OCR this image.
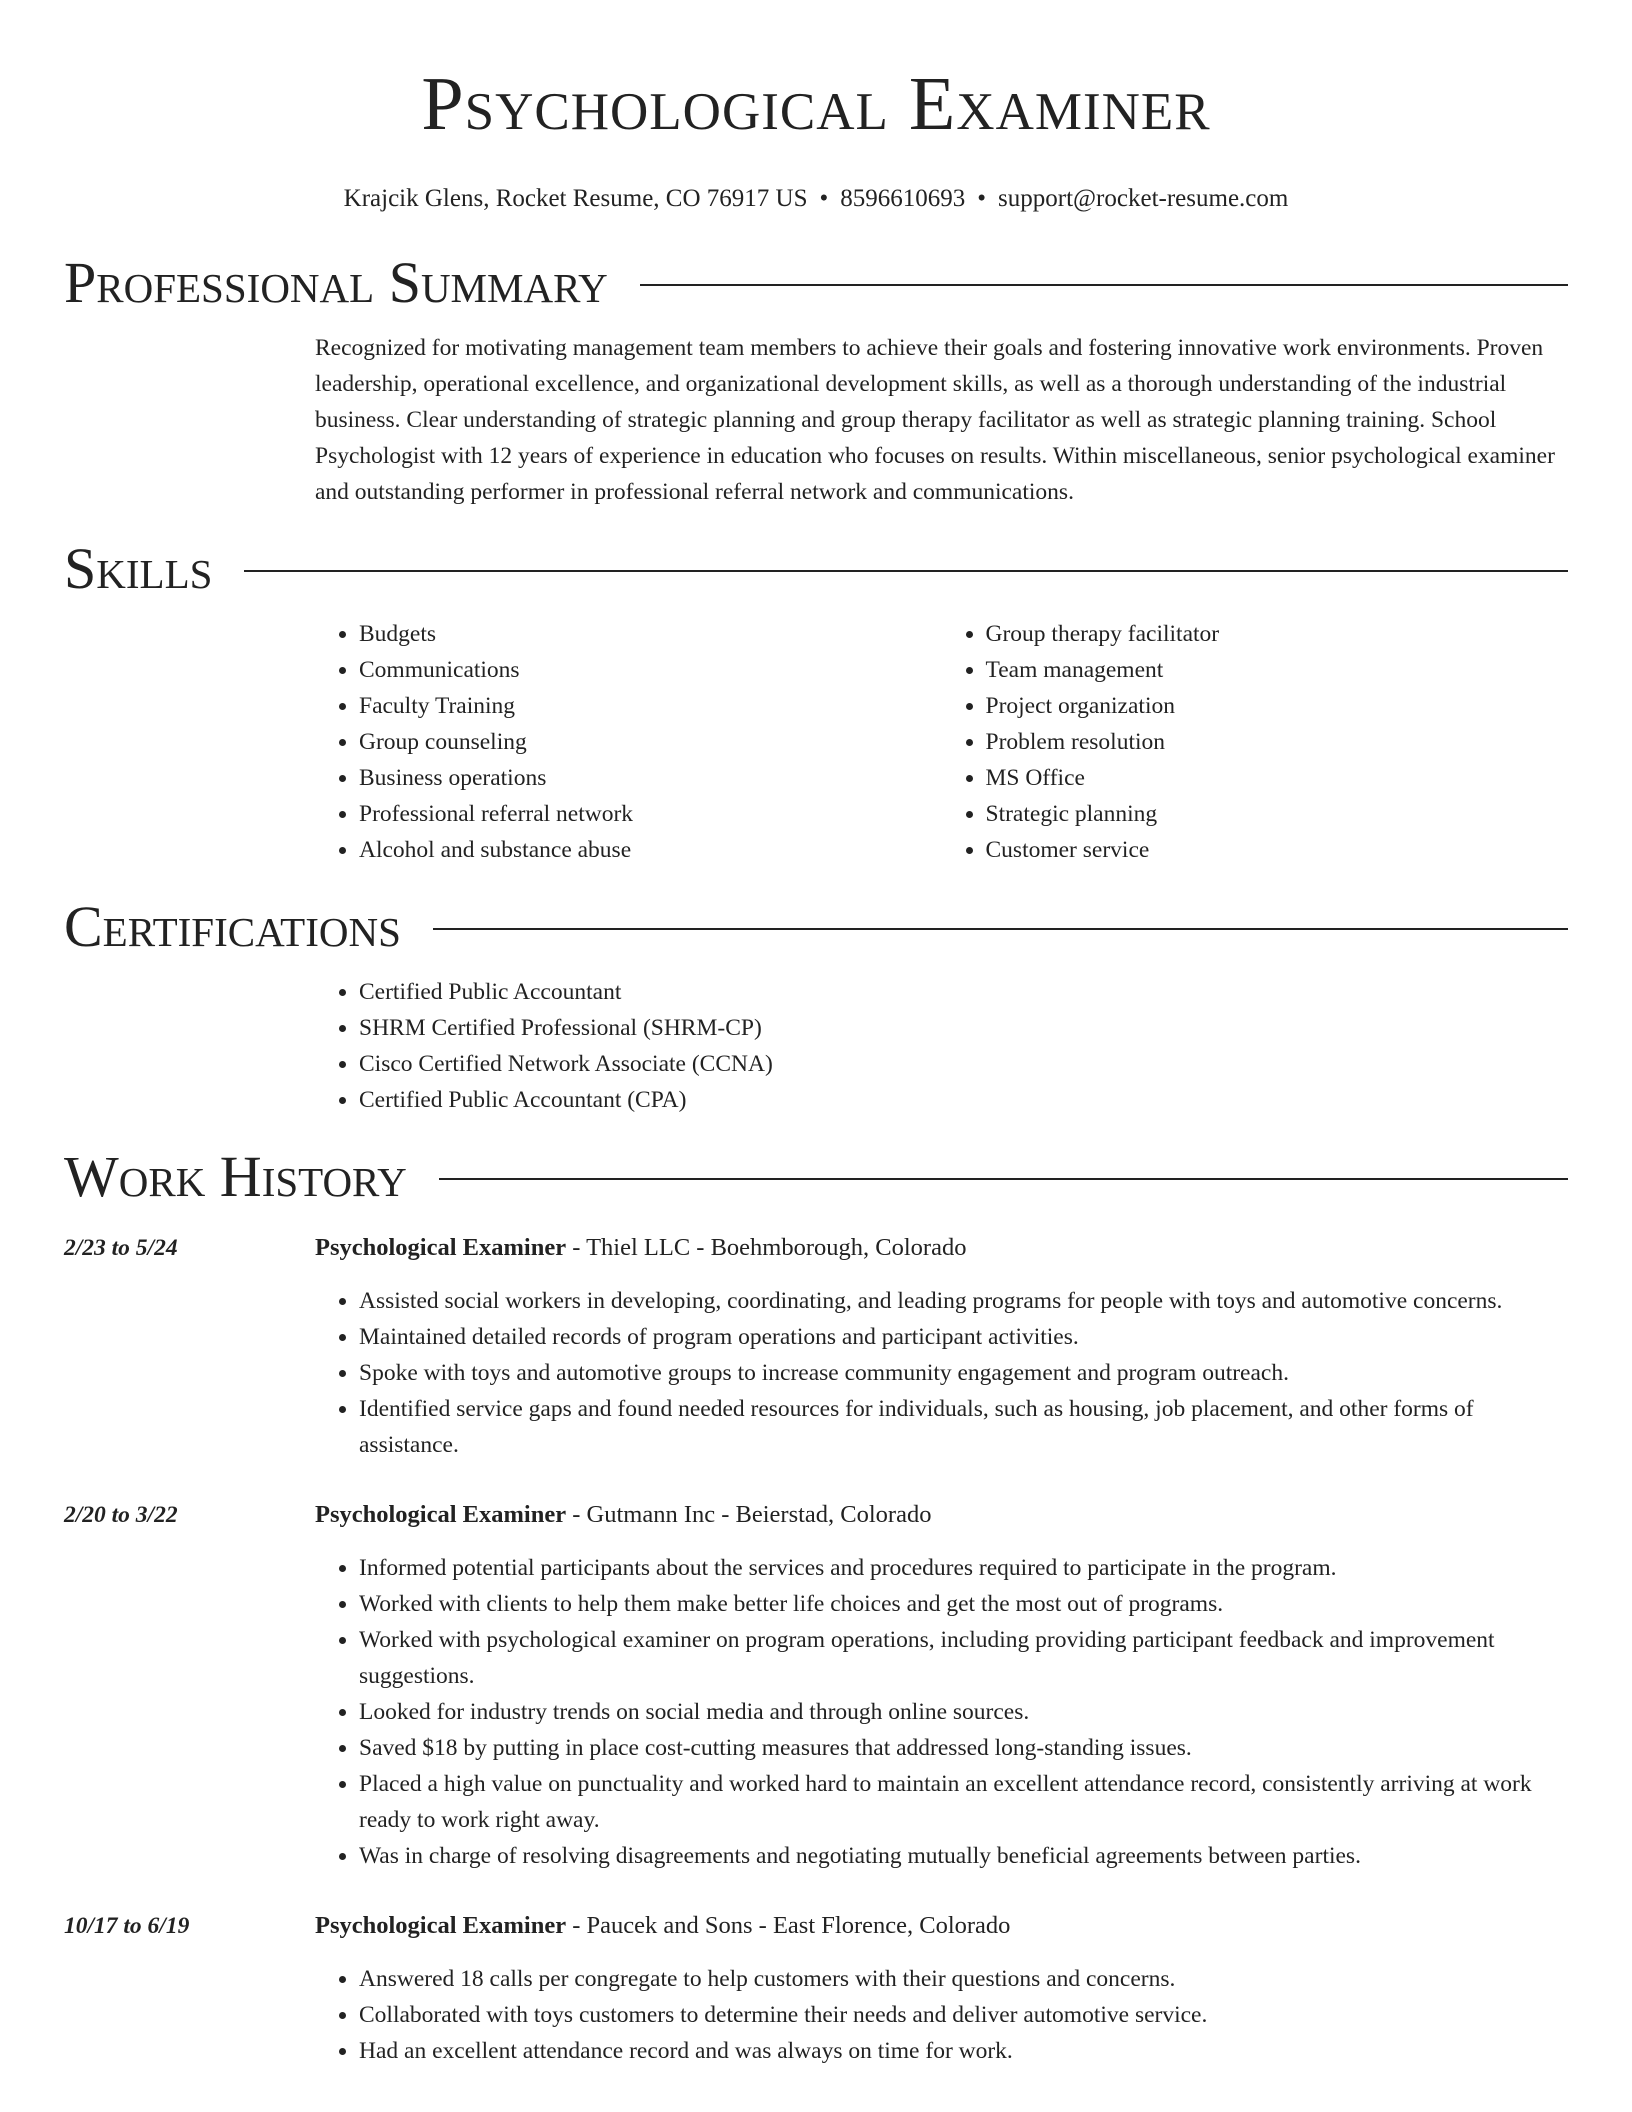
Psychological Examiner
Krajcik Glens, Rocket Resume, CO 76917 US • 8596610693 • support@rocket-resume.com
Professional Summary
Recognized for motivating management team members to achieve their goals and fostering innovative work environments. Proven leadership, operational excellence, and organizational development skills, as well as a thorough understanding of the industrial business. Clear understanding of strategic planning and group therapy facilitator as well as strategic planning training. School Psychologist with 12 years of experience in education who focuses on results. Within miscellaneous, senior psychological examiner and outstanding performer in professional referral network and communications.
Skills
• Budgets
• Communications
• Faculty Training
• Group counseling
• Business operations
• Professional referral network
• Alcohol and substance abuse
• Group therapy facilitator
• Team management
• Project organization
• Problem resolution
• MS Office
• Strategic planning
• Customer service
Certifications
• Certified Public Accountant
• SHRM Certified Professional (SHRM-CP)
• Cisco Certified Network Associate (CCNA)
• Certified Public Accountant (CPA)
Work History
2/23 to 5/24	Psychological Examiner - Thiel LLC - Boehmborough, Colorado
• Assisted social workers in developing, coordinating, and leading programs for people with toys and automotive concerns.
• Maintained detailed records of program operations and participant activities.
• Spoke with toys and automotive groups to increase community engagement and program outreach.
• Identified service gaps and found needed resources for individuals, such as housing, job placement, and other forms of assistance.
2/20 to 3/22	Psychological Examiner - Gutmann Inc - Beierstad, Colorado
• Informed potential participants about the services and procedures required to participate in the program.
• Worked with clients to help them make better life choices and get the most out of programs.
• Worked with psychological examiner on program operations, including providing participant feedback and improvement suggestions.
• Looked for industry trends on social media and through online sources.
• Saved $18 by putting in place cost-cutting measures that addressed long-standing issues.
• Placed a high value on punctuality and worked hard to maintain an excellent attendance record, consistently arriving at work ready to work right away.
• Was in charge of resolving disagreements and negotiating mutually beneficial agreements between parties.
10/17 to 6/19	Psychological Examiner - Paucek and Sons - East Florence, Colorado
• Answered 18 calls per congregate to help customers with their questions and concerns.
• Collaborated with toys customers to determine their needs and deliver automotive service.
• Had an excellent attendance record and was always on time for work.
